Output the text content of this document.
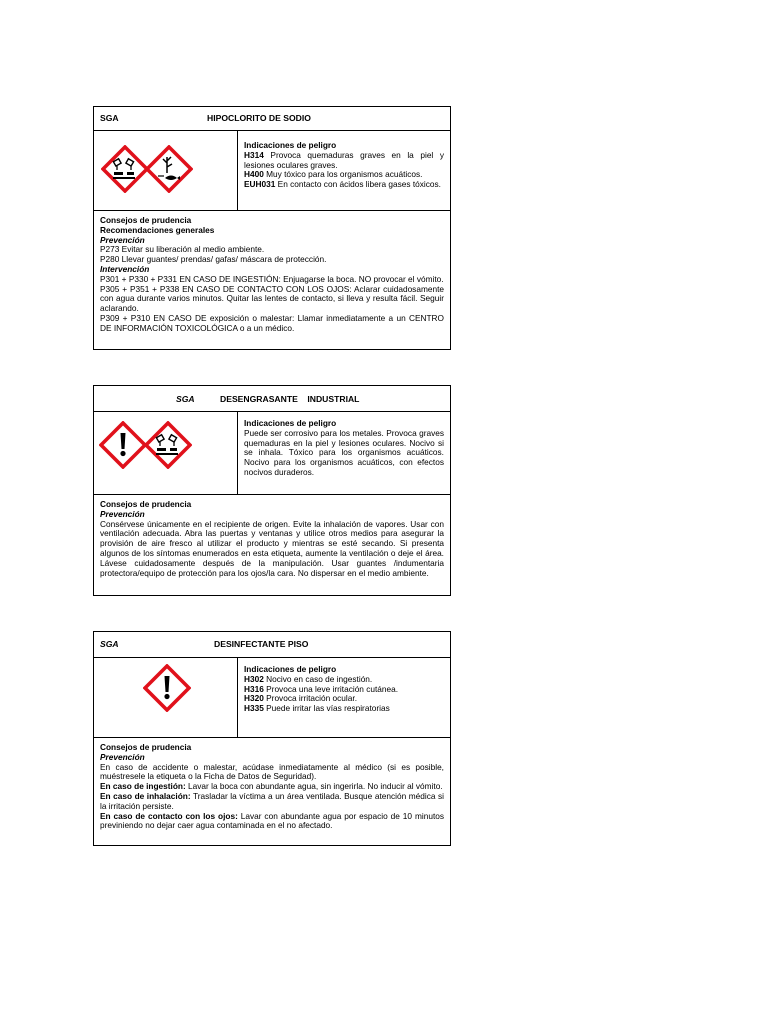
SGA	HIPOCLORITO DE SODIO

Indicaciones de peligro

H314 Provoca quemaduras graves en la piel y lesiones oculares graves.

H400 Muy tóxico para los organismos acuáticos.

EUH031 En contacto con ácidos libera gases tóxicos.

Consejos de prudencia

Recomendaciones generales

Prevención

P273 Evitar su liberación al medio ambiente.

P280 Llevar guantes/ prendas/ gafas/ máscara de protección.

Intervención

P301 + P330 + P331 EN CASO DE INGESTIÓN: Enjuagarse la boca. NO provocar el vómito.

P305 + P351 + P338 EN CASO DE CONTACTO CON LOS OJOS: Aclarar cuidadosamente con agua durante varios minutos. Quitar las lentes de contacto, si lleva y resulta fácil. Seguir aclarando.

P309 + P310 EN CASO DE exposición o malestar: Llamar inmediatamente a un CENTRO DE INFORMACIÓN TOXICOLÓGICA o a un médico.

SGA	DESENGRASANTE    INDUSTRIAL

Indicaciones de peligro

Puede ser corrosivo para los metales. Provoca graves quemaduras en la piel y lesiones oculares. Nocivo si se inhala. Tóxico para los organismos acuáticos. Nocivo para los organismos acuáticos, con efectos nocivos duraderos.

Consejos de prudencia

Prevención

Consérvese únicamente en el recipiente de origen. Evite la inhalación de vapores. Usar con ventilación adecuada. Abra las puertas y ventanas y utilice otros medios para asegurar la provisión de aire fresco al utilizar el producto y mientras se esté secando. Si presenta algunos de los síntomas enumerados en esta etiqueta, aumente la ventilación o deje el área. Lávese cuidadosamente después de la manipulación. Usar guantes /indumentaria protectora/equipo de protección para los ojos/la cara. No dispersar en el medio ambiente.

SGA	DESINFECTANTE PISO

Indicaciones de peligro

H302 Nocivo en caso de ingestión.

H316 Provoca una leve irritación cutánea.

H320 Provoca irritación ocular.

H335 Puede irritar las vías respiratorias

Consejos de prudencia

Prevención

En caso de accidente o malestar, acúdase inmediatamente al médico (si es posible, muéstresele la etiqueta o la Ficha de Datos de Seguridad).

En caso de ingestión: Lavar la boca con abundante agua, sin ingerirla. No inducir al vómito.

En caso de inhalación: Trasladar la víctima a un área ventilada. Busque atención médica si la irritación persiste.

En caso de contacto con los ojos: Lavar con abundante agua por espacio de 10 minutos previniendo no dejar caer agua contaminada en el no afectado.
